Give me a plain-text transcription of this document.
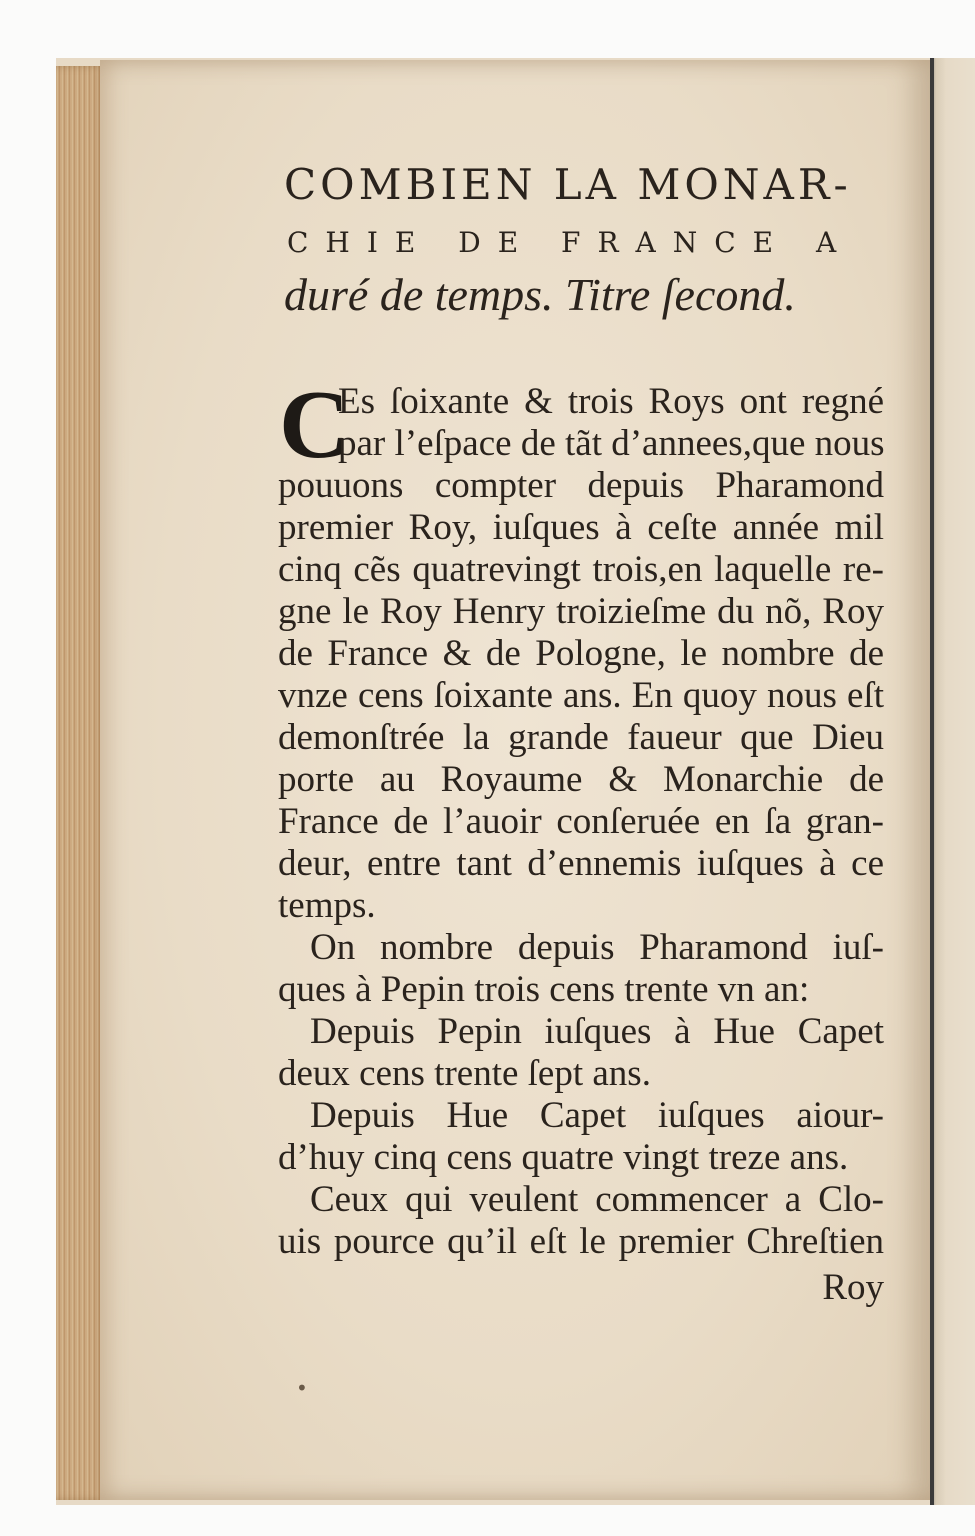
COMBIEN LA MONAR-
CHIE DE FRANCE A
duré de temps. Titre ſecond.
C
Es ſoixante & trois Roys ont regné
par l’eſpace de tãt d’annees,que nous
pouuons compter depuis Pharamond
premier Roy, iuſques à ceſte année mil
cinq cẽs quatrevingt trois,en laquelle re-
gne le Roy Henry troizieſme du nõ, Roy
de France & de Pologne, le nombre de
vnze cens ſoixante ans. En quoy nous eſt
demonſtrée la grande faueur que Dieu
porte au Royaume & Monarchie de
France de l’auoir conſeruée en ſa gran-
deur, entre tant d’ennemis iuſques à ce
temps.
On nombre depuis Pharamond iuſ-
ques à Pepin trois cens trente vn an:
Depuis Pepin iuſques à Hue Capet
deux cens trente ſept ans.
Depuis Hue Capet iuſques aiour-
d’huy cinq cens quatre vingt treze ans.
Ceux qui veulent commencer a Clo-
uis pource qu’il eſt le premier Chreſtien
Roy
•
